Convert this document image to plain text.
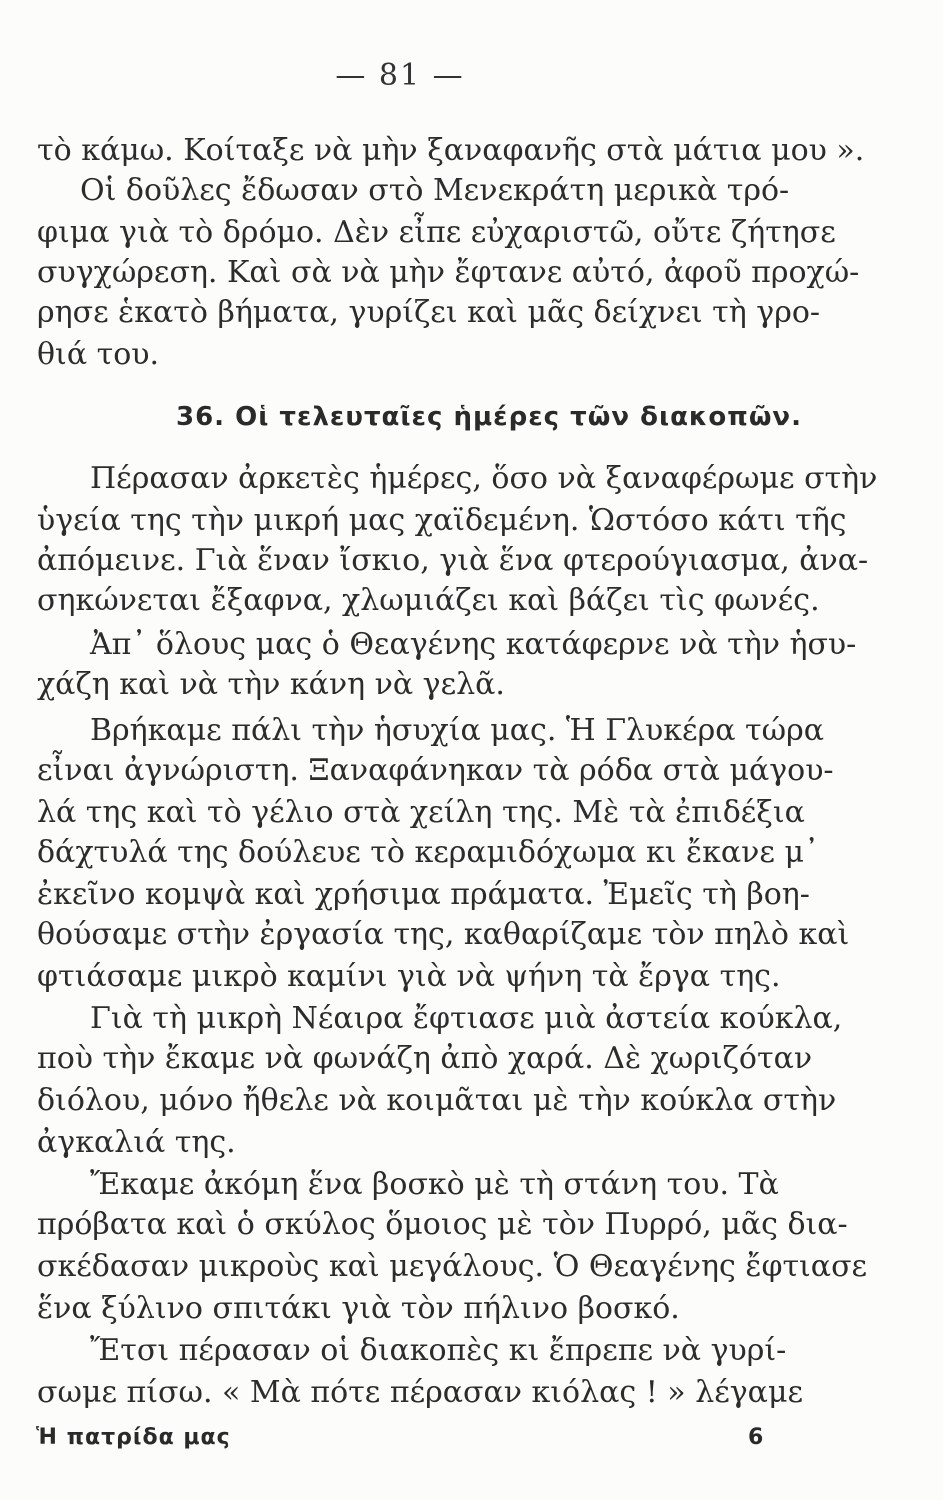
— 81 —
τὸ κάμω. Κοίταξε νὰ μὴν ξαναφανῆς στὰ μάτια μου ».
Οἱ δοῦλες ἔδωσαν στὸ Μενεκράτη μερικὰ τρό-
φιμα γιὰ τὸ δρόμο. Δὲν εἶπε εὐχαριστῶ, οὔτε ζήτησε
συγχώρεση. Καὶ σὰ νὰ μὴν ἔφτανε αὐτό, ἀφοῦ προχώ-
ρησε ἑκατὸ βήματα, γυρίζει καὶ μᾶς δείχνει τὴ γρο-
θιά του.
36. Οἱ τελευταῖες ἡμέρες τῶν διακοπῶν.
Πέρασαν ἀρκετὲς ἡμέρες, ὅσο νὰ ξαναφέρωμε στὴν
ὑγεία της τὴν μικρή μας χαϊδεμένη. Ὡστόσο κάτι τῆς
ἀπόμεινε. Γιὰ ἕναν ἴσκιο, γιὰ ἕνα φτερούγιασμα, ἀνα-
σηκώνεται ἔξαφνα, χλωμιάζει καὶ βάζει τὶς φωνές.
Ἀπ᾿ ὅλους μας ὁ Θεαγένης κατάφερνε νὰ τὴν ἡσυ-
χάζη καὶ νὰ τὴν κάνη νὰ γελᾶ.
Βρήκαμε πάλι τὴν ἡσυχία μας. Ἡ Γλυκέρα τώρα
εἶναι ἀγνώριστη. Ξαναφάνηκαν τὰ ρόδα στὰ μάγου-
λά της καὶ τὸ γέλιο στὰ χείλη της. Μὲ τὰ ἐπιδέξια
δάχτυλά της δούλευε τὸ κεραμιδόχωμα κι ἔκανε μ᾿
ἐκεῖνο κομψὰ καὶ χρήσιμα πράματα. Ἐμεῖς τὴ βοη-
θούσαμε στὴν ἐργασία της, καθαρίζαμε τὸν πηλὸ καὶ
φτιάσαμε μικρὸ καμίνι γιὰ νὰ ψήνη τὰ ἔργα της.
Γιὰ τὴ μικρὴ Νέαιρα ἔφτιασε μιὰ ἀστεία κούκλα,
ποὺ τὴν ἔκαμε νὰ φωνάζη ἀπὸ χαρά. Δὲ χωριζόταν
διόλου, μόνο ἤθελε νὰ κοιμᾶται μὲ τὴν κούκλα στὴν
ἀγκαλιά της.
Ἔκαμε ἀκόμη ἕνα βοσκὸ μὲ τὴ στάνη του. Τὰ
πρόβατα καὶ ὁ σκύλος ὅμοιος μὲ τὸν Πυρρό, μᾶς δια-
σκέδασαν μικροὺς καὶ μεγάλους. Ὁ Θεαγένης ἔφτιασε
ἕνα ξύλινο σπιτάκι γιὰ τὸν πήλινο βοσκό.
Ἔτσι πέρασαν οἱ διακοπὲς κι ἔπρεπε νὰ γυρί-
σωμε πίσω. « Μὰ πότε πέρασαν κιόλας ! » λέγαμε
Ἡ πατρίδα μας	6
